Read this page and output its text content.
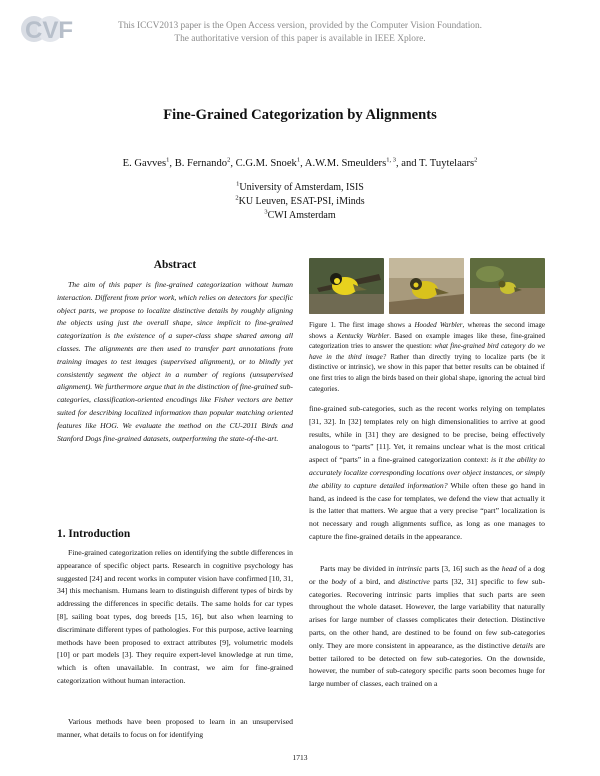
CVF	This ICCV2013 paper is the Open Access version, provided by the Computer Vision Foundation.
The authoritative version of this paper is available in IEEE Xplore.
Fine-Grained Categorization by Alignments
E. Gavves$^1$, B. Fernando$^2$, C.G.M. Snoek$^1$, A.W.M. Smeulders$^{1, 3}$, and T. Tuytelaars$^2$
$^1$University of Amsterdam, ISIS
$^2$KU Leuven, ESAT-PSI, iMinds
$^3$CWI Amsterdam
Abstract
The aim of this paper is fine-grained categorization without human interaction. Different from prior work, which relies on detectors for specific object parts, we propose to localize distinctive details by roughly aligning the objects using just the overall shape, since implicit to fine-grained categorization is the existence of a super-class shape shared among all classes. The alignments are then used to transfer part annotations from training images to test images (supervised alignment), or to blindly yet consistently segment the object in a number of regions (unsupervised alignment). We furthermore argue that in the distinction of fine-grained sub-categories, classification-oriented encodings like Fisher vectors are better suited for describing localized information than popular matching oriented features like HOG. We evaluate the method on the CU-2011 Birds and Stanford Dogs fine-grained datasets, outperforming the state-of-the-art.
1. Introduction
Fine-grained categorization relies on identifying the subtle differences in appearance of specific object parts. Research in cognitive psychology has suggested [24] and recent works in computer vision have confirmed [10, 31, 34] this mechanism. Humans learn to distinguish different types of birds by addressing the differences in specific details. The same holds for car types [8], sailing boat types, dog breeds [15, 16], but also when learning to discriminate different types of pathologies. For this purpose, active learning methods have been proposed to extract attributes [9], volumetric models [10] or part models [3]. They require expert-level knowledge at run time, which is often unavailable. In contrast, we aim for fine-grained categorization without human interaction.
Various methods have been proposed to learn in an unsupervised manner, what details to focus on for identifying
Figure 1. The first image shows a Hooded Warbler, whereas the second image shows a Kentucky Warbler. Based on example images like these, fine-grained categorization tries to answer the question: what fine-grained bird category do we have in the third image? Rather than directly trying to localize parts (be it distinctive or intrinsic), we show in this paper that better results can be obtained if one first tries to align the birds based on their global shape, ignoring the actual bird categories.
fine-grained sub-categories, such as the recent works relying on templates [31, 32]. In [32] templates rely on high dimensionalities to arrive at good results, while in [31] they are designed to be precise, being effectively analogous to “parts” [11]. Yet, it remains unclear what is the most critical aspect of “parts” in a fine-grained categorization context: is it the ability to accurately localize corresponding locations over object instances, or simply the ability to capture detailed information? While often these go hand in hand, as indeed is the case for templates, we defend the view that actually it is the latter that matters. We argue that a very precise “part” localization is not necessary and rough alignments suffice, as long as one manages to capture the fine-grained details in the appearance.
Parts may be divided in intrinsic parts [3, 16] such as the head of a dog or the body of a bird, and distinctive parts [32, 31] specific to few sub-categories. Recovering intrinsic parts implies that such parts are seen throughout the whole dataset. However, the large variability that naturally arises for large number of classes complicates their detection. Distinctive parts, on the other hand, are destined to be found on few sub-categories only. They are more consistent in appearance, as the distinctive details are better tailored to be detected on few sub-categories. On the downside, however, the number of sub-category specific parts soon becomes huge for large number of classes, each trained on a
1713
